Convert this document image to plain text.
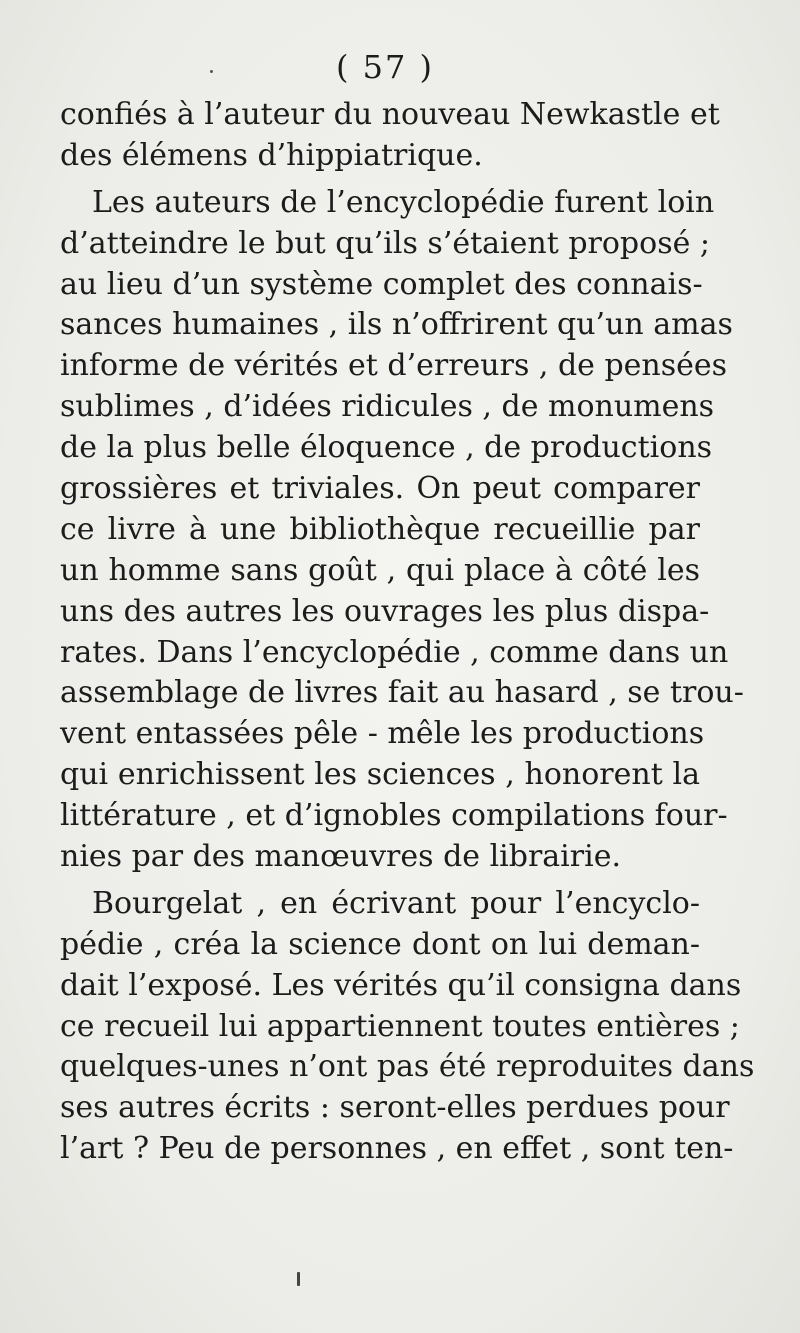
( 57 )
confiés à l’auteur du nouveau Newkastle et
des élémens d’hippiatrique.
Les auteurs de l’encyclopédie furent loin
d’atteindre le but qu’ils s’étaient proposé ;
au lieu d’un système complet des connais-
sances humaines , ils n’offrirent qu’un amas
informe de vérités et d’erreurs , de pensées
sublimes , d’idées ridicules , de monumens
de la plus belle éloquence , de productions
grossières et triviales. On peut comparer
ce livre à une bibliothèque recueillie par
un homme sans goût , qui place à côté les
uns des autres les ouvrages les plus dispa-
rates. Dans l’encyclopédie , comme dans un
assemblage de livres fait au hasard , se trou-
vent entassées pêle - mêle les productions
qui enrichissent les sciences , honorent la
littérature , et d’ignobles compilations four-
nies par des manœuvres de librairie.
Bourgelat , en écrivant pour l’encyclo-
pédie , créa la science dont on lui deman-
dait l’exposé. Les vérités qu’il consigna dans
ce recueil lui appartiennent toutes entières ;
quelques-unes n’ont pas été reproduites dans
ses autres écrits : seront-elles perdues pour
l’art ? Peu de personnes , en effet , sont ten-
